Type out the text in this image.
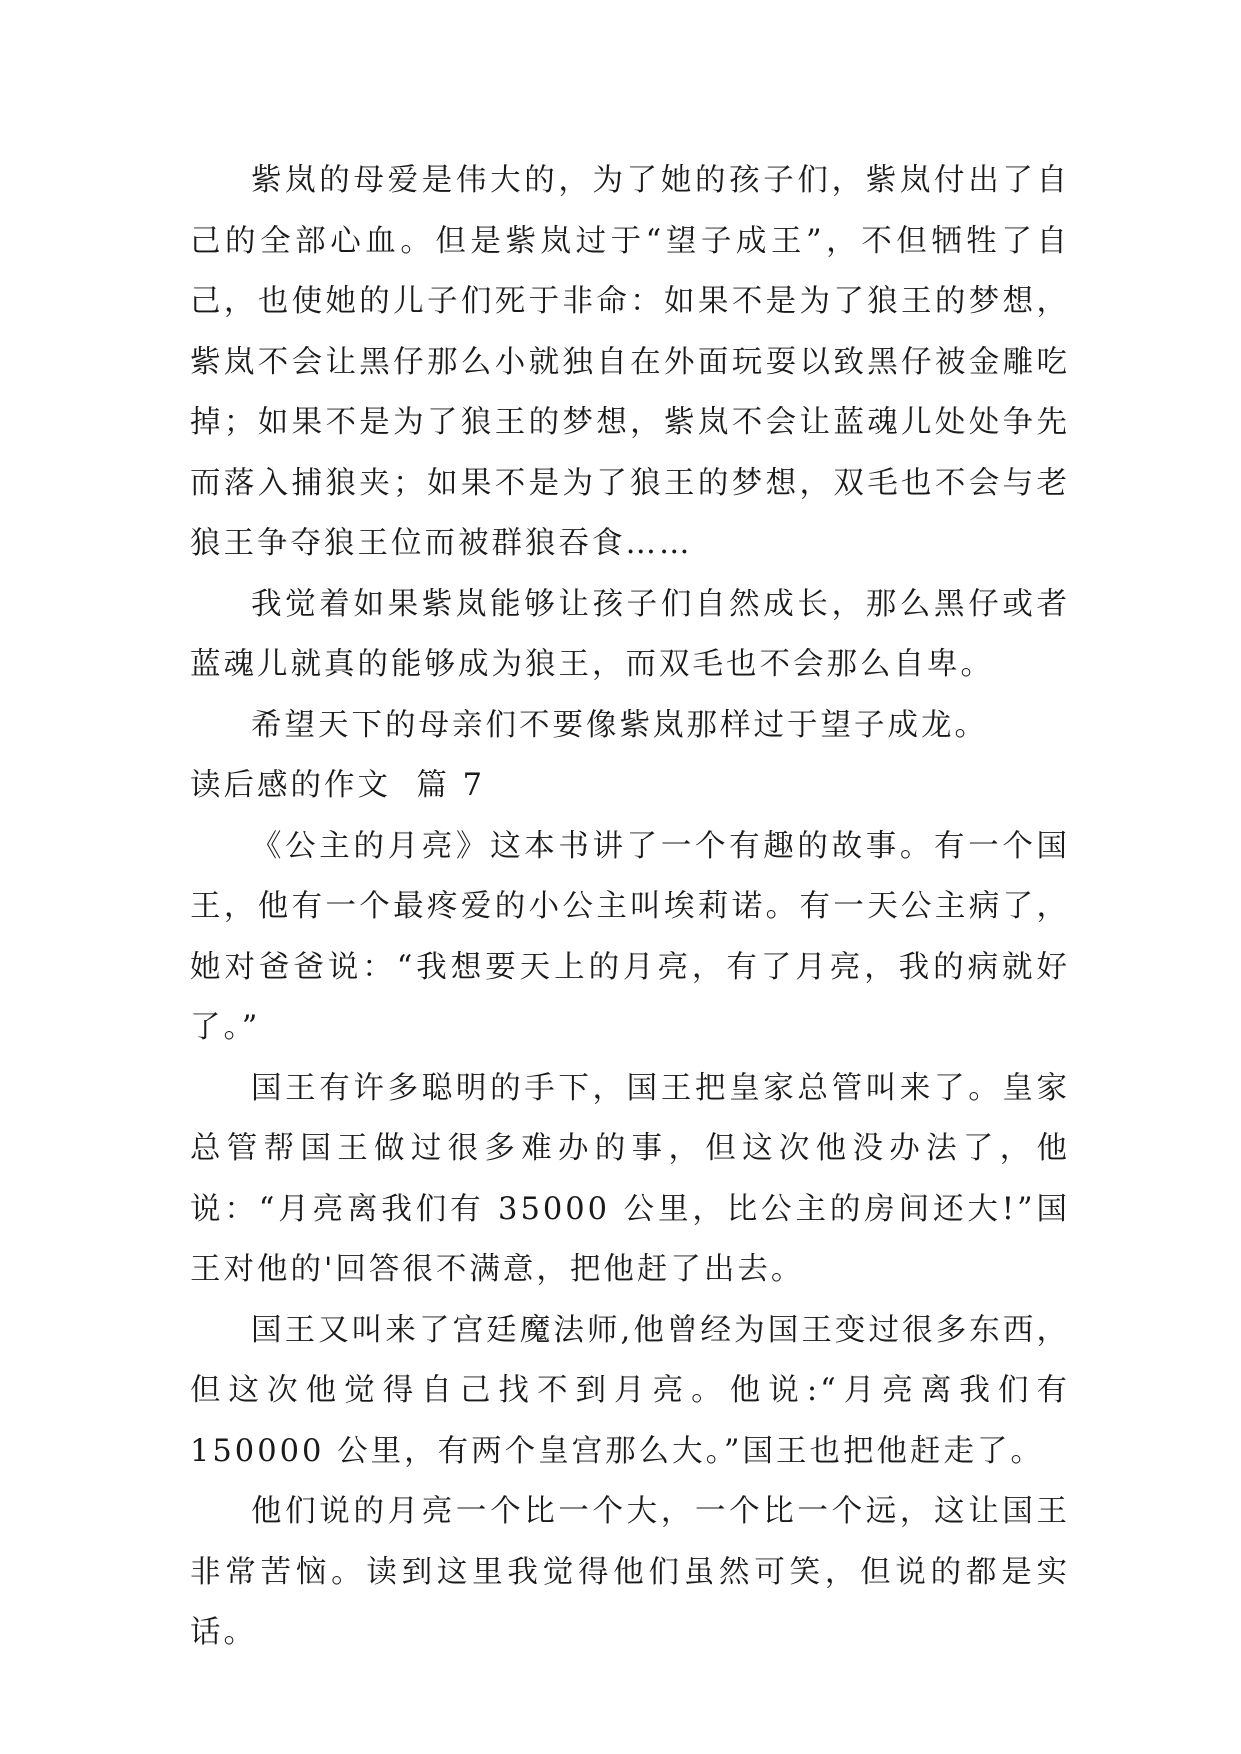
紫岚的母爱是伟大的，为了她的孩子们，紫岚付出了自己的全部心血。但是紫岚过于“望子成王”，不但牺牲了自己，也使她的儿子们死于非命：如果不是为了狼王的梦想，紫岚不会让黑仔那么小就独自在外面玩耍以致黑仔被金雕吃掉；如果不是为了狼王的梦想，紫岚不会让蓝魂儿处处争先而落入捕狼夹；如果不是为了狼王的梦想，双毛也不会与老狼王争夺狼王位而被群狼吞食……

我觉着如果紫岚能够让孩子们自然成长，那么黑仔或者蓝魂儿就真的能够成为狼王，而双毛也不会那么自卑。

希望天下的母亲们不要像紫岚那样过于望子成龙。

读后感的作文  篇 7

《公主的月亮》这本书讲了一个有趣的故事。有一个国王，他有一个最疼爱的小公主叫埃莉诺。有一天公主病了，她对爸爸说：“我想要天上的月亮，有了月亮，我的病就好了。”

国王有许多聪明的手下，国王把皇家总管叫来了。皇家总管帮国王做过很多难办的事，但这次他没办法了，他说：“月亮离我们有 35000 公里，比公主的房间还大!”国王对他的'回答很不满意，把他赶了出去。

国王又叫来了宫廷魔法师,他曾经为国王变过很多东西，但这次他觉得自己找不到月亮。他说:“月亮离我们有 150000 公里，有两个皇宫那么大。”国王也把他赶走了。

他们说的月亮一个比一个大，一个比一个远，这让国王非常苦恼。读到这里我觉得他们虽然可笑，但说的都是实话。
